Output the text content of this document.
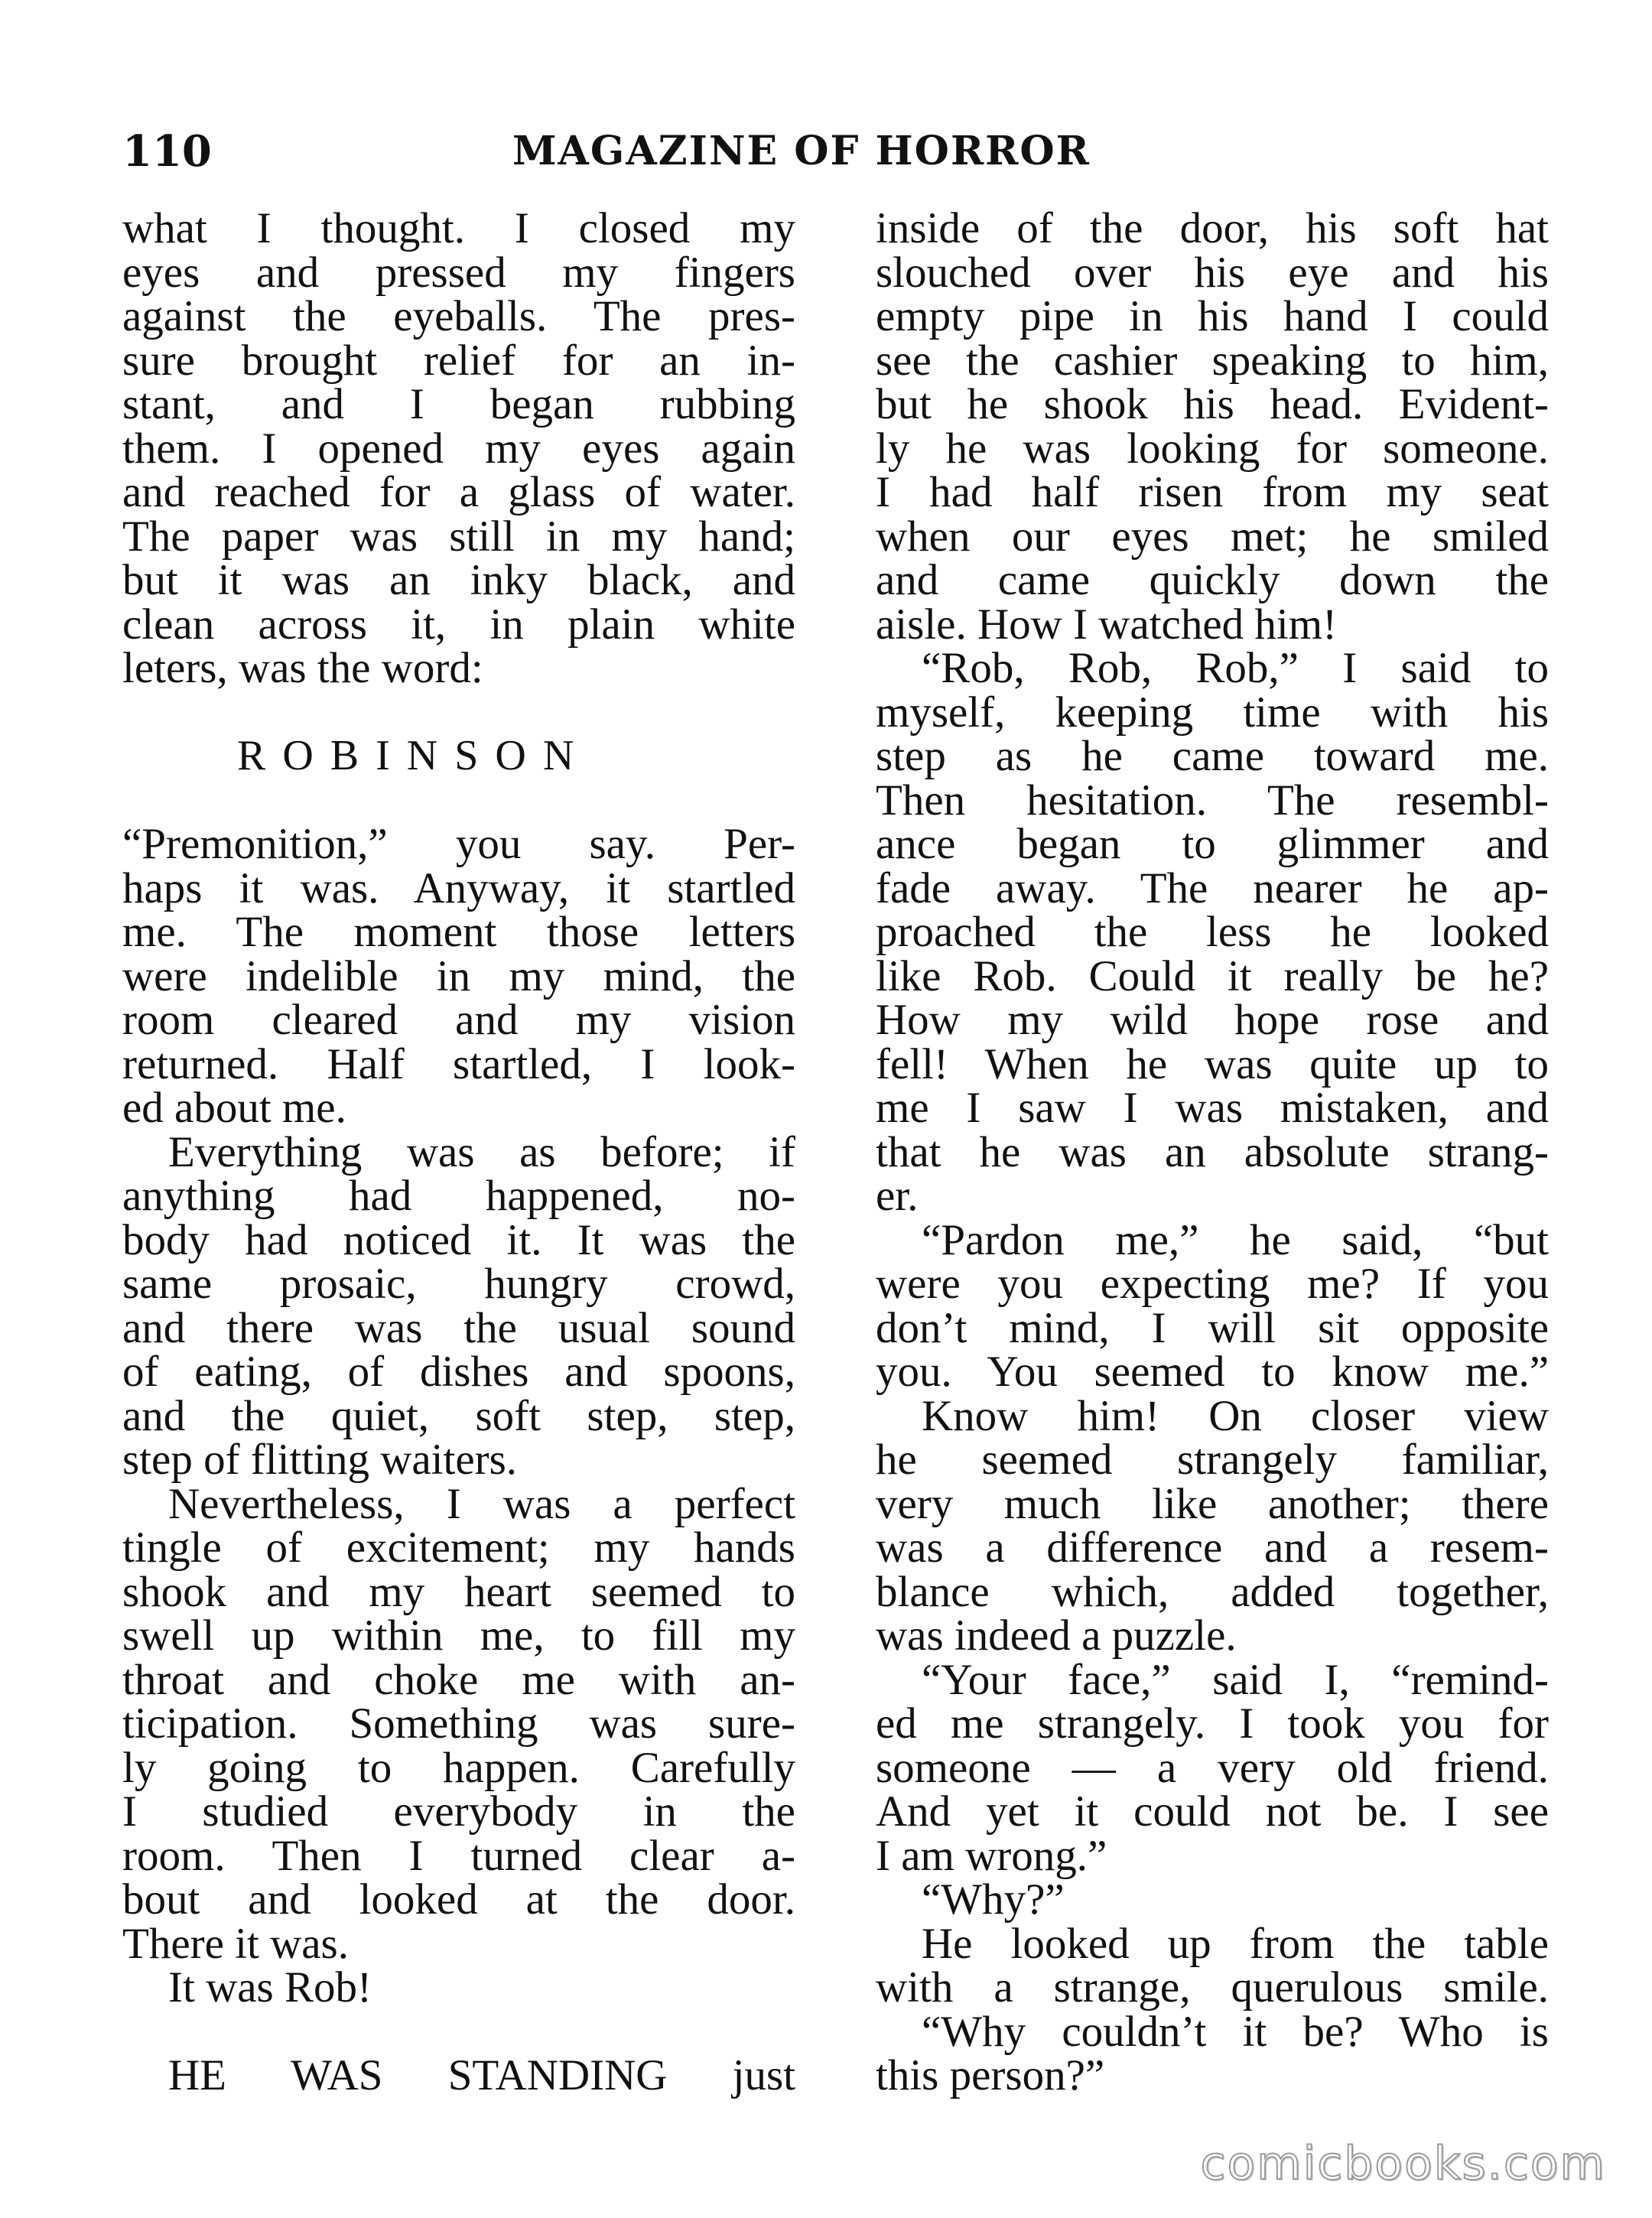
110	MAGAZINE OF HORROR
what I thought. I closed my
eyes and pressed my fingers
against the eyeballs. The pres-
sure brought relief for an in-
stant, and I began rubbing
them. I opened my eyes again
and reached for a glass of water.
The paper was still in my hand;
but it was an inky black, and
clean across it, in plain white
leters, was the word:
ROBINSON
“Premonition,” you say. Per-
haps it was. Anyway, it startled
me. The moment those letters
were indelible in my mind, the
room cleared and my vision
returned. Half startled, I look-
ed about me.
Everything was as before; if
anything had happened, no-
body had noticed it. It was the
same prosaic, hungry crowd,
and there was the usual sound
of eating, of dishes and spoons,
and the quiet, soft step, step,
step of flitting waiters.
Nevertheless, I was a perfect
tingle of excitement; my hands
shook and my heart seemed to
swell up within me, to fill my
throat and choke me with an-
ticipation. Something was sure-
ly going to happen. Carefully
I studied everybody in the
room. Then I turned clear a-
bout and looked at the door.
There it was.
It was Rob!
HE WAS STANDING just
inside of the door, his soft hat
slouched over his eye and his
empty pipe in his hand I could
see the cashier speaking to him,
but he shook his head. Evident-
ly he was looking for someone.
I had half risen from my seat
when our eyes met; he smiled
and came quickly down the
aisle. How I watched him!
“Rob, Rob, Rob,” I said to
myself, keeping time with his
step as he came toward me.
Then hesitation. The resembl-
ance began to glimmer and
fade away. The nearer he ap-
proached the less he looked
like Rob. Could it really be he?
How my wild hope rose and
fell! When he was quite up to
me I saw I was mistaken, and
that he was an absolute strang-
er.
“Pardon me,” he said, “but
were you expecting me? If you
don’t mind, I will sit opposite
you. You seemed to know me.”
Know him! On closer view
he seemed strangely familiar,
very much like another; there
was a difference and a resem-
blance which, added together,
was indeed a puzzle.
“Your face,” said I, “remind-
ed me strangely. I took you for
someone — a very old friend.
And yet it could not be. I see
I am wrong.”
“Why?”
He looked up from the table
with a strange, querulous smile.
“Why couldn’t it be? Who is
this person?”
comicbooks.com
